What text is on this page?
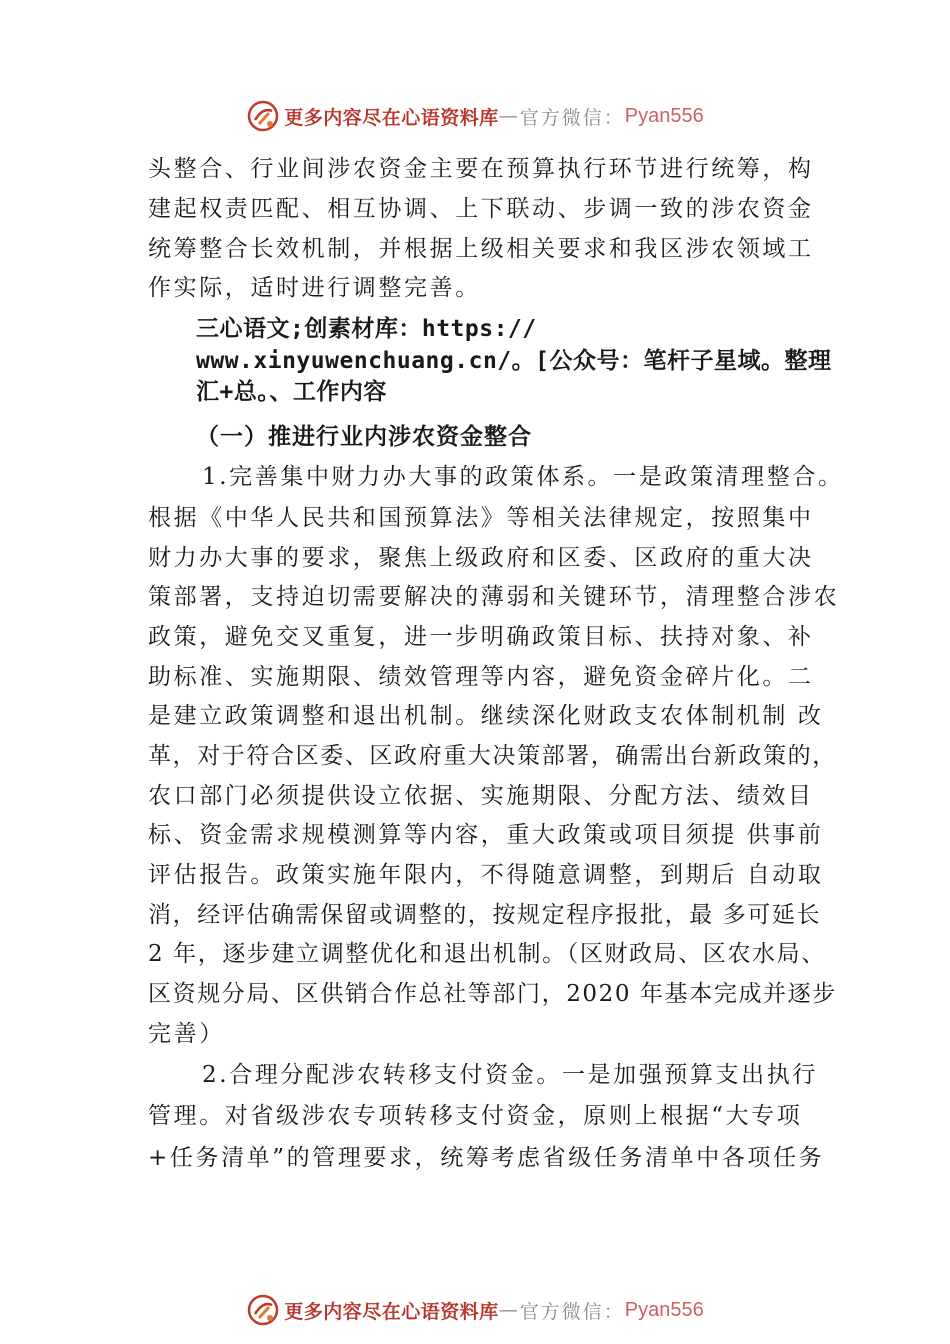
更多内容尽在心语资料库 — 官方微信： Pyan556
头整合、行业间涉农资金主要在预算执行环节进行统筹，构
建起权责匹配、相互协调、上下联动、步调一致的涉农资金
统筹整合长效机制，并根据上级相关要求和我区涉农领域工
作实际，适时进行调整完善。
三心语文;创素材库：https://
www.xinyuwenchuang.cn/。[公众号：笔杆子星域。整理
汇+总。、工作内容
（一）推进行业内涉农资金整合
1.完善集中财力办大事的政策体系。一是政策清理整合。
根据《中华人民共和国预算法》等相关法律规定，按照集中
财力办大事的要求，聚焦上级政府和区委、区政府的重大决
策部署，支持迫切需要解决的薄弱和关键环节，清理整合涉农
政策，避免交叉重复，进一步明确政策目标、扶持对象、补
助标准、实施期限、绩效管理等内容，避免资金碎片化。二
是建立政策调整和退出机制。继续深化财政支农体制机制 改
革，对于符合区委、区政府重大决策部署，确需出台新政策的，
农口部门必须提供设立依据、实施期限、分配方法、绩效目
标、资金需求规模测算等内容，重大政策或项目须提 供事前
评估报告。政策实施年限内，不得随意调整，到期后 自动取
消，经评估确需保留或调整的，按规定程序报批，最 多可延长
2 年，逐步建立调整优化和退出机制。（区财政局、区农水局、
区资规分局、区供销合作总社等部门，2020 年基本完成并逐步
完善）
2.合理分配涉农转移支付资金。一是加强预算支出执行
管理。对省级涉农专项转移支付资金，原则上根据“大专项
+任务清单”的管理要求，统筹考虑省级任务清单中各项任务
更多内容尽在心语资料库 — 官方微信： Pyan556
